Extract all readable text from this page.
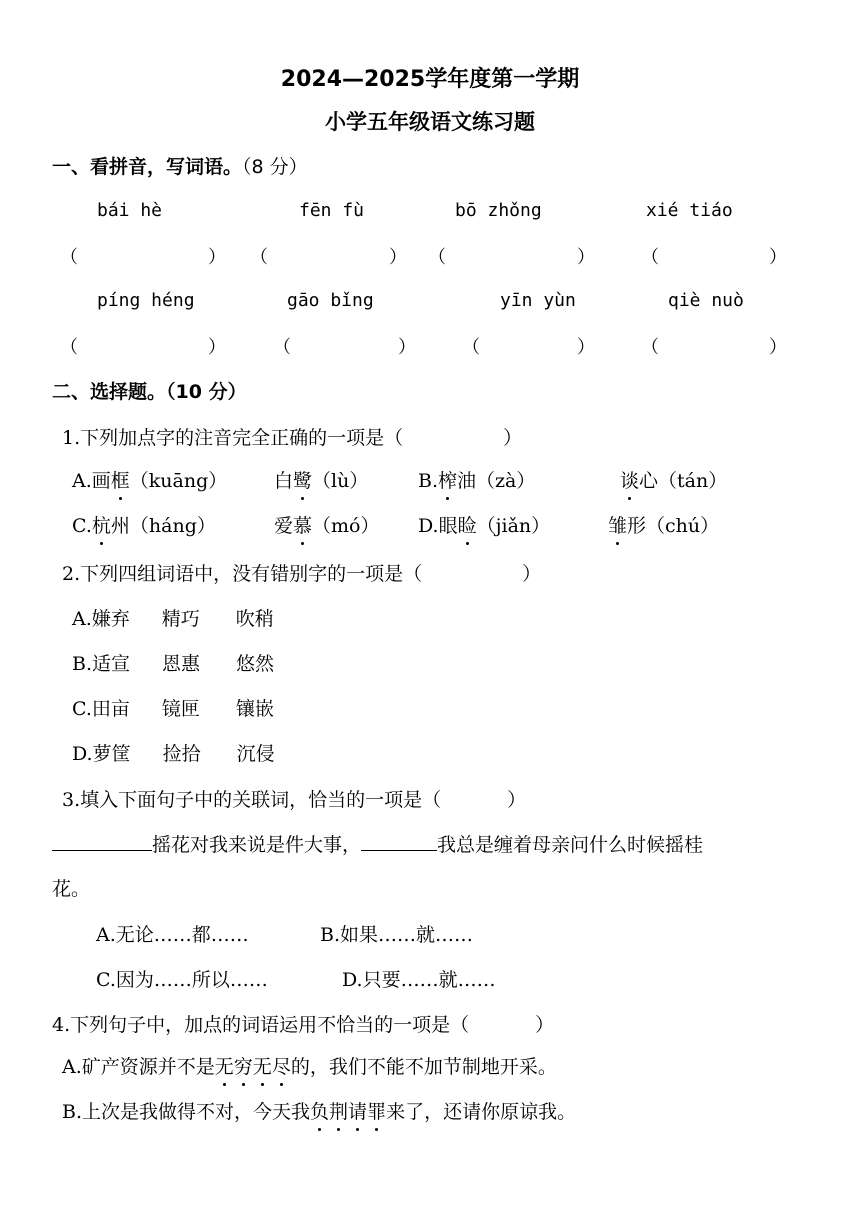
2024—2025学年度第一学期
小学五年级语文练习题
一、看拼音，写词语。（8 分）
bái hè	fēn fù	bō zhǒng	xié tiáo
（	） （	） （	）	（	）
píng héng	gāo bǐng	yīn yùn	qiè nuò
（	）	（	）	（	）	（	）
二、选择题。（10 分）
1.下列加点字的注音完全正确的一项是（	）
A.画框（kuāng） 白鹭（lù）	B.榨油（zà）	谈心（tán）
C.杭州（háng）	爱慕（mó） D.眼睑（jiǎn）	雏形（chú）
2.下列四组词语中，没有错别字的一项是（	）
A.嫌弃 精巧 吹稍
B.适宣 恩惠 悠然
C.田亩 镜匣 镶嵌
D.萝筐 捡拾 沉侵
3.填入下面句子中的关联词，恰当的一项是（	）
摇花对我来说是件大事，	我总是缠着母亲问什么时候摇桂
花。
A.无论……都……	B.如果……就……
C.因为……所以……	D.只要……就……
4.下列句子中，加点的词语运用不恰当的一项是（	）
A.矿产资源并不是无穷无尽的，我们不能不加节制地开采。
B.上次是我做得不对，今天我负荆请罪来了，还请你原谅我。
